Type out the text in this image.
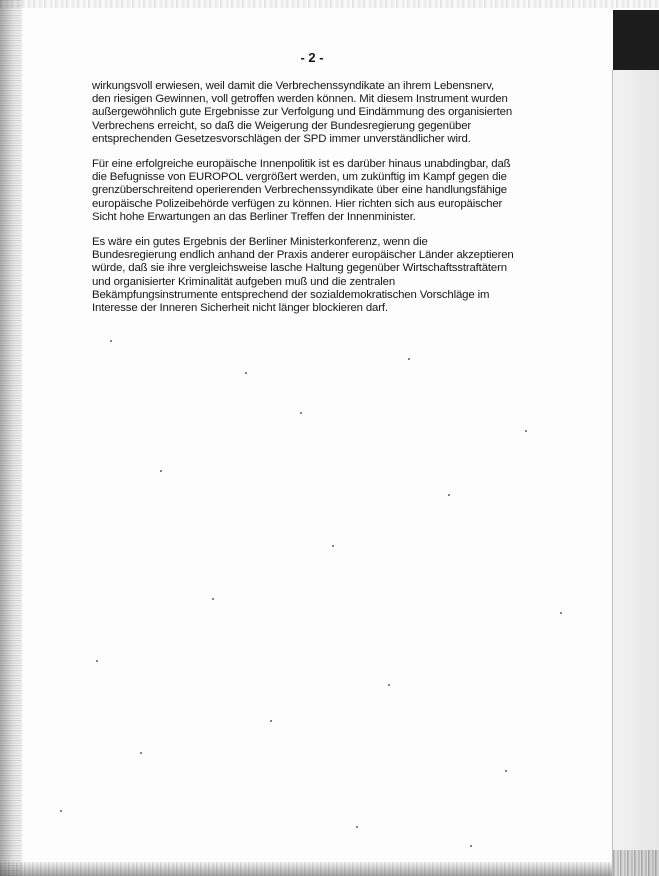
- 2 -

wirkungsvoll erwiesen, weil damit die Verbrechenssyndikate an ihrem Lebensnerv,
den riesigen Gewinnen, voll getroffen werden können. Mit diesem Instrument wurden
außergewöhnlich gute Ergebnisse zur Verfolgung und Eindämmung des organisierten
Verbrechens erreicht, so daß die Weigerung der Bundesregierung gegenüber
entsprechenden Gesetzesvorschlägen der SPD immer unverständlicher wird.

Für eine erfolgreiche europäische Innenpolitik ist es darüber hinaus unabdingbar, daß
die Befugnisse von EUROPOL vergrößert werden, um zukünftig im Kampf gegen die
grenzüberschreitend operierenden Verbrechenssyndikate über eine handlungsfähige
europäische Polizeibehörde verfügen zu können. Hier richten sich aus europäischer
Sicht hohe Erwartungen an das Berliner Treffen der Innenminister.

Es wäre ein gutes Ergebnis der Berliner Ministerkonferenz, wenn die
Bundesregierung endlich anhand der Praxis anderer europäischer Länder akzeptieren
würde, daß sie ihre vergleichsweise lasche Haltung gegenüber Wirtschaftsstraftätern
und organisierter Kriminalität aufgeben muß und die zentralen
Bekämpfungsinstrumente entsprechend der sozialdemokratischen Vorschläge im
Interesse der Inneren Sicherheit nicht länger blockieren darf.
